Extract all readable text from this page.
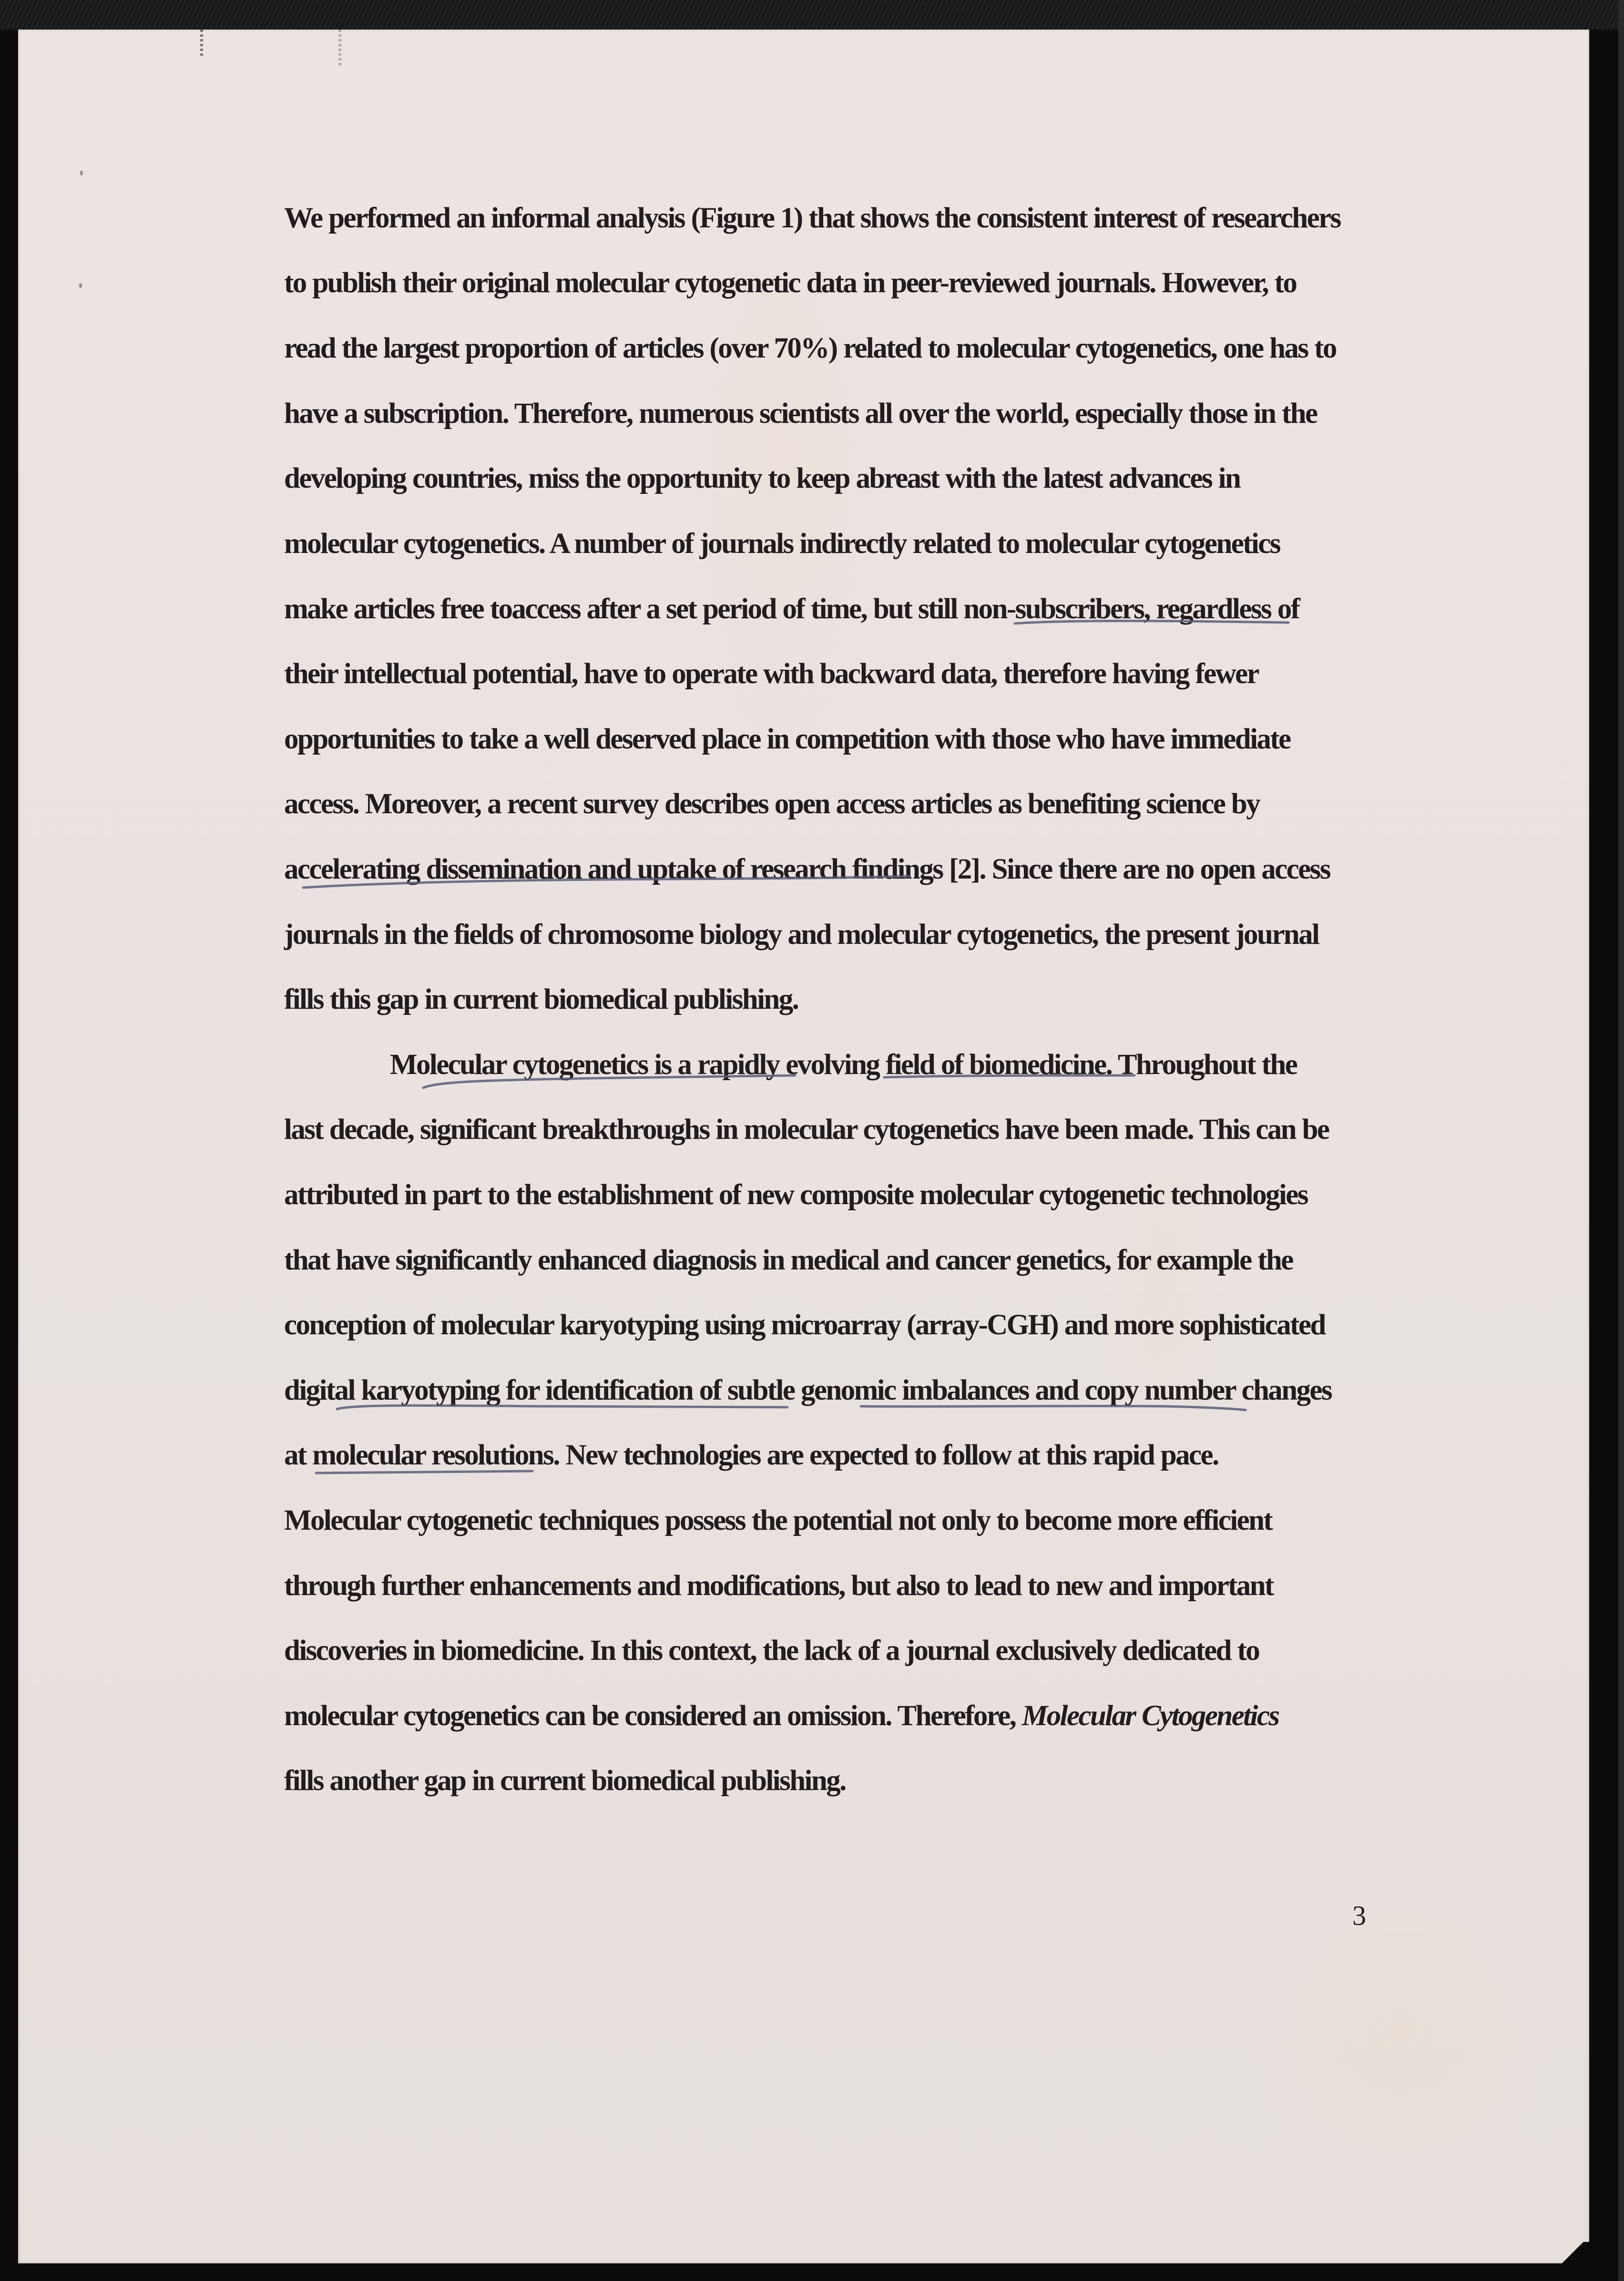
We performed an informal analysis (Figure 1) that shows the consistent interest of researchers
to publish their original molecular cytogenetic data in peer-reviewed journals. However, to
read the largest proportion of articles (over 70%) related to molecular cytogenetics, one has to
have a subscription. Therefore, numerous scientists all over the world, especially those in the
developing countries, miss the opportunity to keep abreast with the latest advances in
molecular cytogenetics. A number of journals indirectly related to molecular cytogenetics
make articles free toaccess after a set period of time, but still non-subscribers, regardless of
their intellectual potential, have to operate with backward data, therefore having fewer
opportunities to take a well deserved place in competition with those who have immediate
access. Moreover, a recent survey describes open access articles as benefiting science by
accelerating dissemination and uptake of research findings [2]. Since there are no open access
journals in the fields of chromosome biology and molecular cytogenetics, the present journal
fills this gap in current biomedical publishing.
Molecular cytogenetics is a rapidly evolving field of biomedicine. Throughout the
last decade, significant breakthroughs in molecular cytogenetics have been made. This can be
attributed in part to the establishment of new composite molecular cytogenetic technologies
that have significantly enhanced diagnosis in medical and cancer genetics, for example the
conception of molecular karyotyping using microarray (array-CGH) and more sophisticated
digital karyotyping for identification of subtle genomic imbalances and copy number changes
at molecular resolutions. New technologies are expected to follow at this rapid pace.
Molecular cytogenetic techniques possess the potential not only to become more efficient
through further enhancements and modifications, but also to lead to new and important
discoveries in biomedicine. In this context, the lack of a journal exclusively dedicated to
molecular cytogenetics can be considered an omission. Therefore, Molecular Cytogenetics
fills another gap in current biomedical publishing.
3
